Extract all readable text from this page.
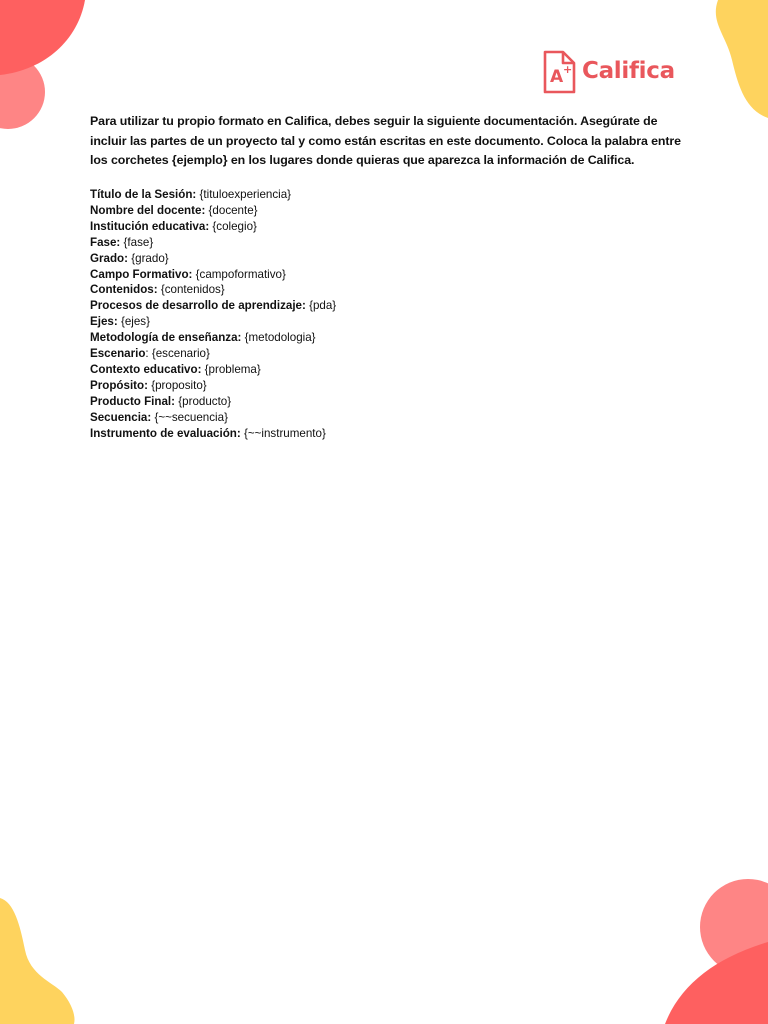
A + Califica

Para utilizar tu propio formato en Califica, debes seguir la siguiente documentación. Asegúrate de incluir las partes de un proyecto tal y como están escritas en este documento. Coloca la palabra entre los corchetes {ejemplo} en los lugares donde quieras que aparezca la información de Califica.

Título de la Sesión: {tituloexperiencia}
Nombre del docente: {docente}
Institución educativa: {colegio}
Fase: {fase}
Grado: {grado}
Campo Formativo: {campoformativo}
Contenidos: {contenidos}
Procesos de desarrollo de aprendizaje: {pda}
Ejes: {ejes}
Metodología de enseñanza: {metodologia}
Escenario: {escenario}
Contexto educativo: {problema}
Propósito: {proposito}
Producto Final: {producto}
Secuencia: {~~secuencia}
Instrumento de evaluación: {~~instrumento}
